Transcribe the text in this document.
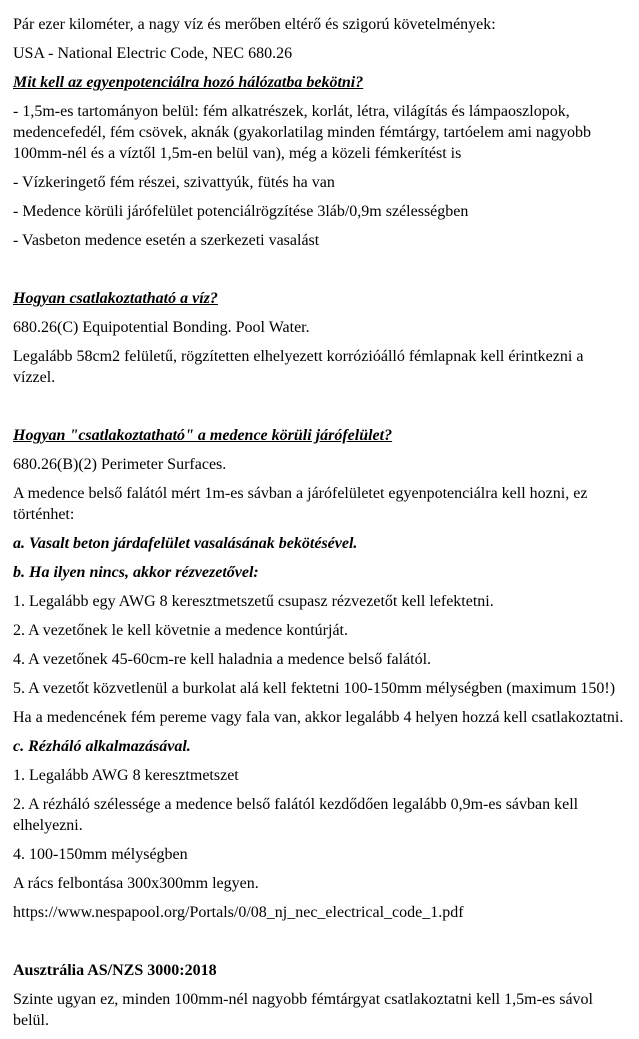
Pár ezer kilométer, a nagy víz és merőben eltérő és szigorú követelmények:

USA - National Electric Code, NEC 680.26

Mit kell az egyenpotenciálra hozó hálózatba bekötni?

- 1,5m-es tartományon belül: fém alkatrészek, korlát, létra, világítás és lámpaoszlopok, medencefedél, fém csövek, aknák (gyakorlatilag minden fémtárgy, tartóelem ami nagyobb 100mm-nél és a víztől 1,5m-en belül van), még a közeli fémkerítést is

- Vízkeringető fém részei, szivattyúk, fütés ha van

- Medence körüli járófelület potenciálrögzítése 3láb/0,9m szélességben

- Vasbeton medence esetén a szerkezeti vasalást

Hogyan csatlakoztatható a víz?

680.26(C) Equipotential Bonding. Pool Water.

Legalább 58cm2 felületű, rögzítetten elhelyezett korrózióálló fémlapnak kell érintkezni a vízzel.

Hogyan "csatlakoztatható" a medence körüli járófelület?

680.26(B)(2) Perimeter Surfaces.

A medence belső falától mért 1m-es sávban a járófelületet egyenpotenciálra kell hozni, ez történhet:

a. Vasalt beton járdafelület vasalásának bekötésével.

b. Ha ilyen nincs, akkor rézvezetővel:

1. Legalább egy AWG 8 keresztmetszetű csupasz rézvezetőt kell lefektetni.

2. A vezetőnek le kell követnie a medence kontúrját.

4. A vezetőnek 45-60cm-re kell haladnia a medence belső falától.

5. A vezetőt közvetlenül a burkolat alá kell fektetni 100-150mm mélységben (maximum 150!)

Ha a medencének fém pereme vagy fala van, akkor legalább 4 helyen hozzá kell csatlakoztatni.

c. Rézháló alkalmazásával.

1. Legalább AWG 8 keresztmetszet

2. A rézháló szélessége a medence belső falától kezdődően legalább 0,9m-es sávban kell elhelyezni.

4. 100-150mm mélységben

A rács felbontása 300x300mm legyen.

https://www.nespapool.org/Portals/0/08_nj_nec_electrical_code_1.pdf

Ausztrália AS/NZS 3000:2018

Szinte ugyan ez, minden 100mm-nél nagyobb fémtárgyat csatlakoztatni kell 1,5m-es sávol belül.
